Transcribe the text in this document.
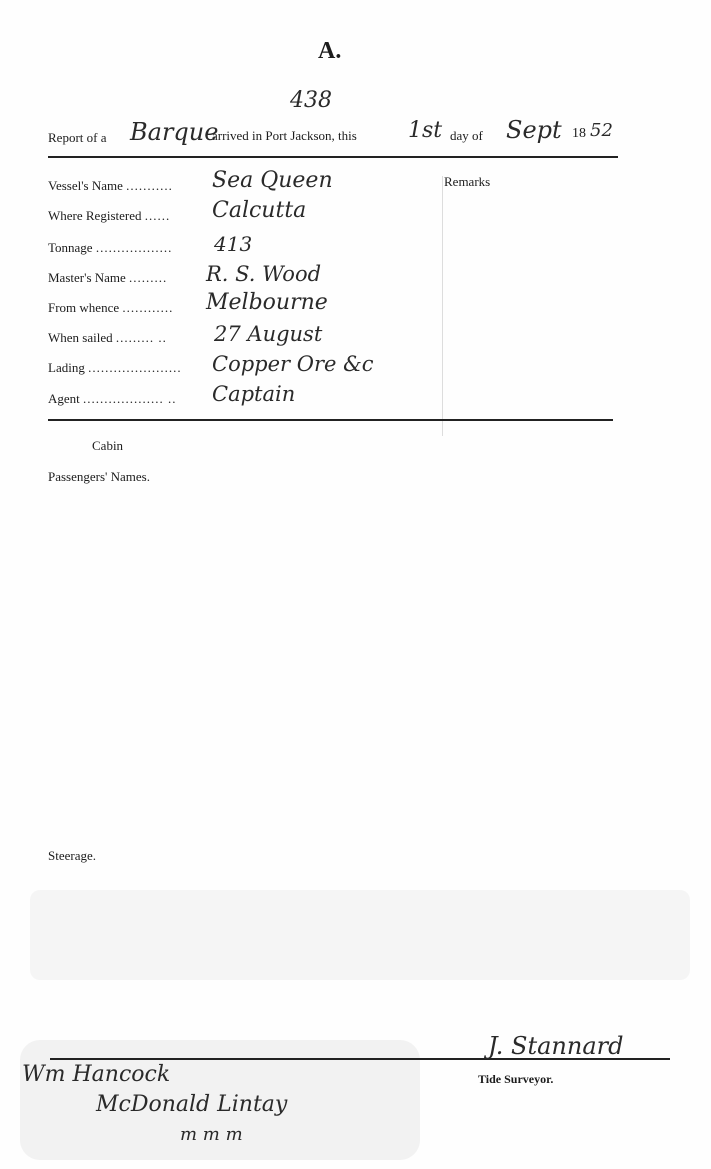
A.
438
Report of a Barque
arrived in Port Jackson, this 1st day of Sept 18 52
Remarks
Vessel's Name ........... Sea Queen
Where Registered ...... Calcutta
Tonnage .................. 413
Master's Name ......... R. S. Wood
From whence ............ Melbourne
When sailed ......... .. 27 August
Lading ...................... Copper Ore &c
Agent ................... .. Captain
Cabin
Passengers' Names.
Steerage.
J. Stannard
Tide Surveyor.
Wm Hancock
McDonald Lintay
m m m
